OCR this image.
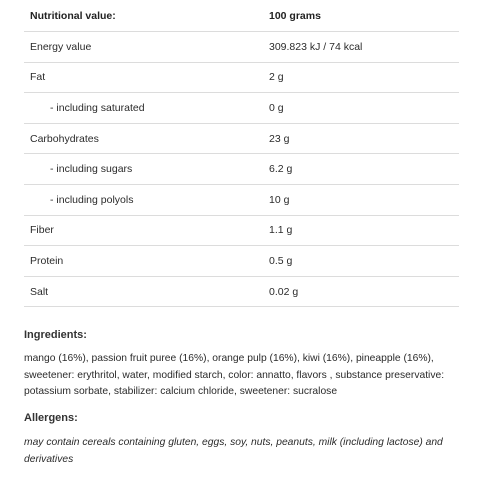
Nutritional value:	100 grams
Energy value	309.823 kJ / 74 kcal
Fat	2 g
- including saturated	0 g
Carbohydrates	23 g
- including sugars	6.2 g
- including polyols	10 g
Fiber	1.1 g
Protein	0.5 g
Salt	0.02 g
Ingredients:

mango (16%), passion fruit puree (16%), orange pulp (16%), kiwi (16%), pineapple (16%), sweetener: erythritol, water, modified starch, color: annatto, flavors , substance preservative: potassium sorbate, stabilizer: calcium chloride, sweetener: sucralose

Allergens:

may contain cereals containing gluten, eggs, soy, nuts, peanuts, milk (including lactose) and derivatives
